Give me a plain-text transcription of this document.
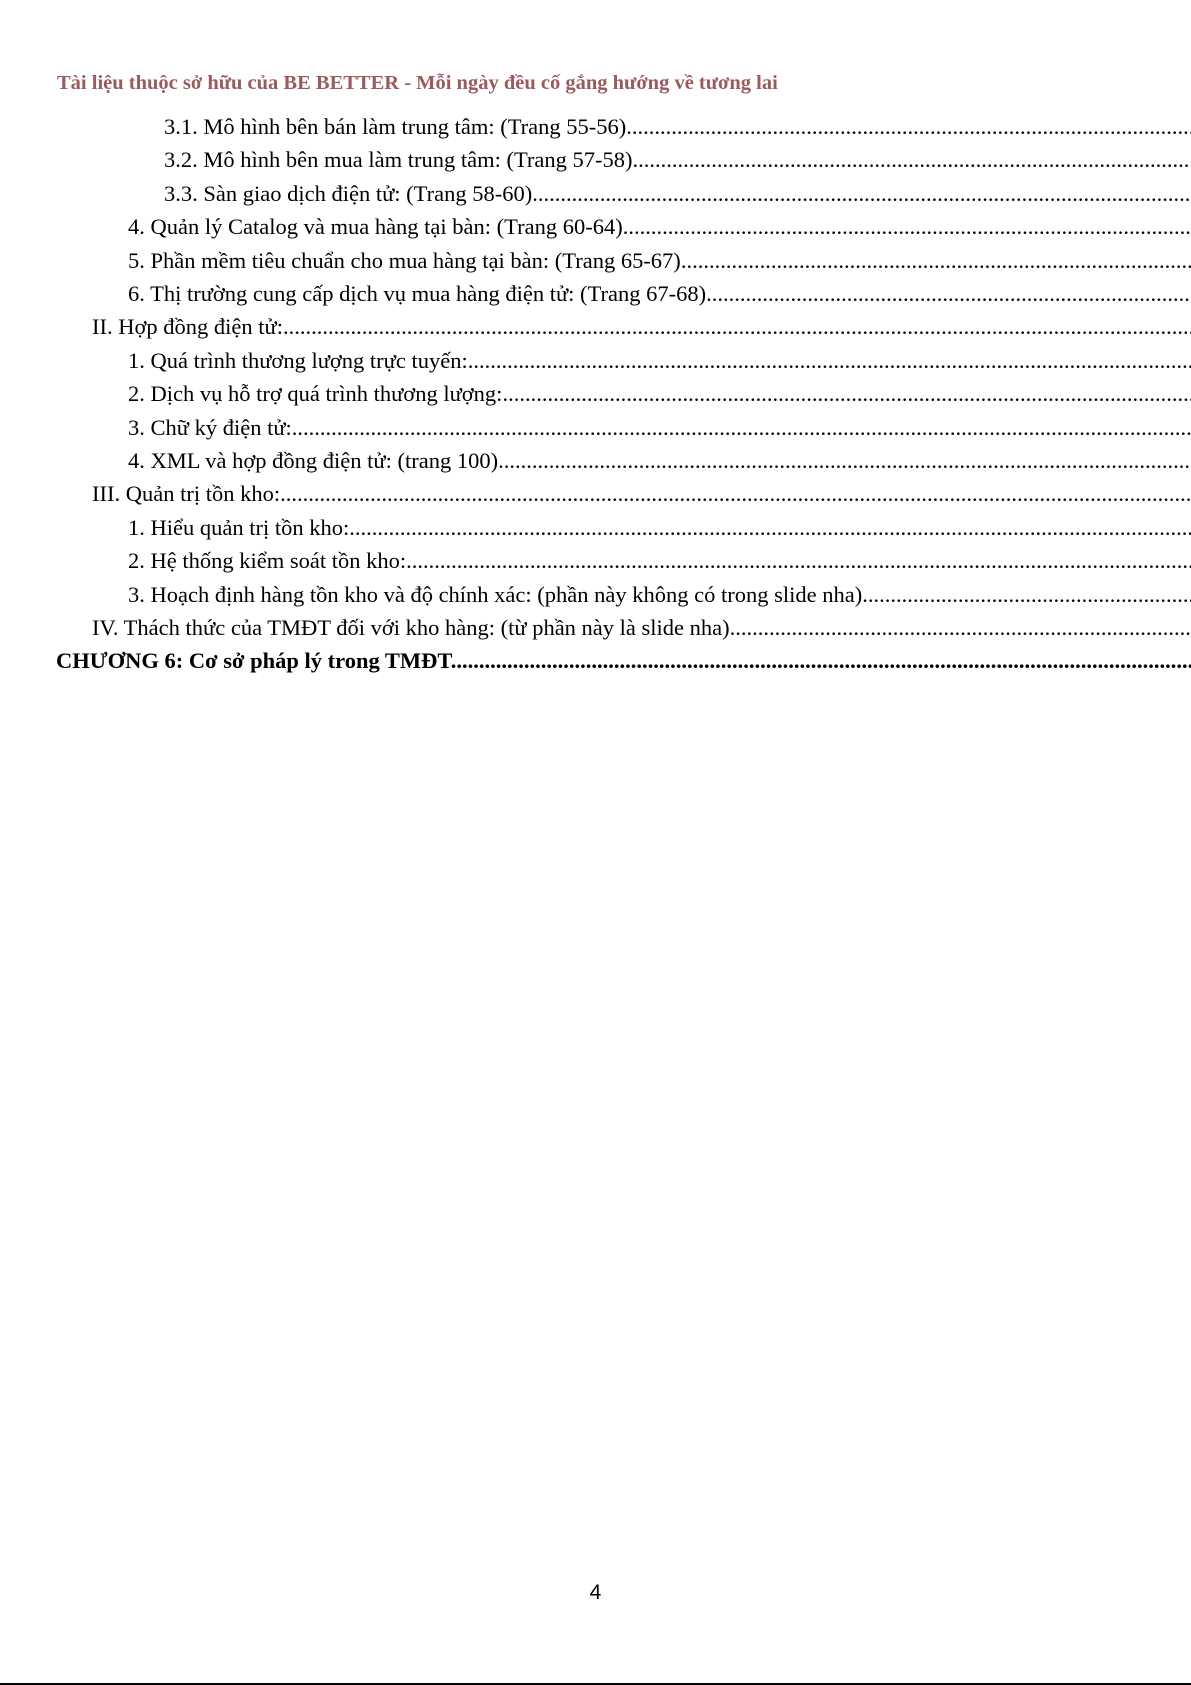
Tài liệu thuộc sở hữu của BE BETTER - Mỗi ngày đều cố gắng hướng về tương lai
3.1. Mô hình bên bán làm trung tâm: (Trang 55-56) .....
3.2. Mô hình bên mua làm trung tâm: (Trang 57-58) .....
3.3. Sàn giao dịch điện tử: (Trang 58-60) .....
4. Quản lý Catalog và mua hàng tại bàn: (Trang 60-64) .....
5. Phần mềm tiêu chuẩn cho mua hàng tại bàn: (Trang 65-67) .....
6. Thị trường cung cấp dịch vụ mua hàng điện tử: (Trang 67-68) .....
II. Hợp đồng điện tử: .....
1. Quá trình thương lượng trực tuyến: .....
2. Dịch vụ hỗ trợ quá trình thương lượng: .....
3. Chữ ký điện tử: .....
4. XML và hợp đồng điện tử: (trang 100) .....
III. Quản trị tồn kho: .....
1. Hiểu quản trị tồn kho: .....
2. Hệ thống kiểm soát tồn kho: .....
3. Hoạch định hàng tồn kho và độ chính xác: (phần này không có trong slide nha) .....
IV. Thách thức của TMĐT đối với kho hàng: (từ phần này là slide nha) .....
CHƯƠNG 6: Cơ sở pháp lý trong TMĐT .....
4
